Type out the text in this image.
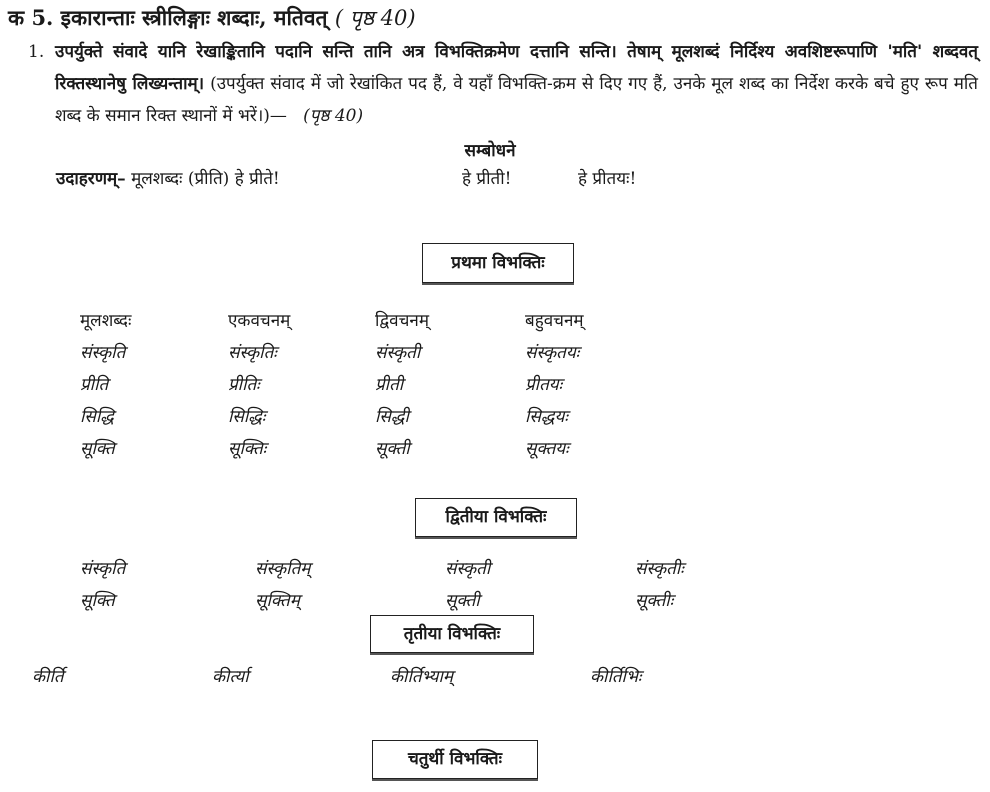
क 5. इकारान्ताः स्त्रीलिङ्गाः शब्दाः, मतिवत् ( पृष्ठ 40)
1. उपर्युक्ते संवादे यानि रेखाङ्कितानि पदानि सन्ति तानि अत्र विभक्तिक्रमेण दत्तानि सन्ति। तेषाम् मूलशब्दं निर्दिश्य अवशिष्टरूपाणि 'मति' शब्दवत् रिक्तस्थानेषु लिख्यन्ताम्। (उपर्युक्त संवाद में जो रेखांकित पद हैं, वे यहाँ विभक्ति-क्रम से दिए गए हैं, उनके मूल शब्द का निर्देश करके बचे हुए रूप मति शब्द के समान रिक्त स्थानों में भरें।)— (पृष्ठ 40)
सम्बोधने
उदाहरणम्– मूलशब्दः (प्रीति) हे प्रीते!	हे प्रीती!	हे प्रीतयः!
प्रथमा विभक्तिः
मूलशब्दः	एकवचनम्	द्विवचनम्	बहुवचनम्
संस्कृति	संस्कृतिः	संस्कृती	संस्कृतयः
प्रीति	प्रीतिः	प्रीती	प्रीतयः
सिद्धि	सिद्धिः	सिद्धी	सिद्धयः
सूक्ति	सूक्तिः	सूक्ती	सूक्तयः
द्वितीया विभक्तिः
संस्कृति	संस्कृतिम्	संस्कृती	संस्कृतीः
सूक्ति	सूक्तिम्	सूक्ती	सूक्तीः
तृतीया विभक्तिः
कीर्ति	कीर्त्या	कीर्तिभ्याम्	कीर्तिभिः
चतुर्थी विभक्तिः
